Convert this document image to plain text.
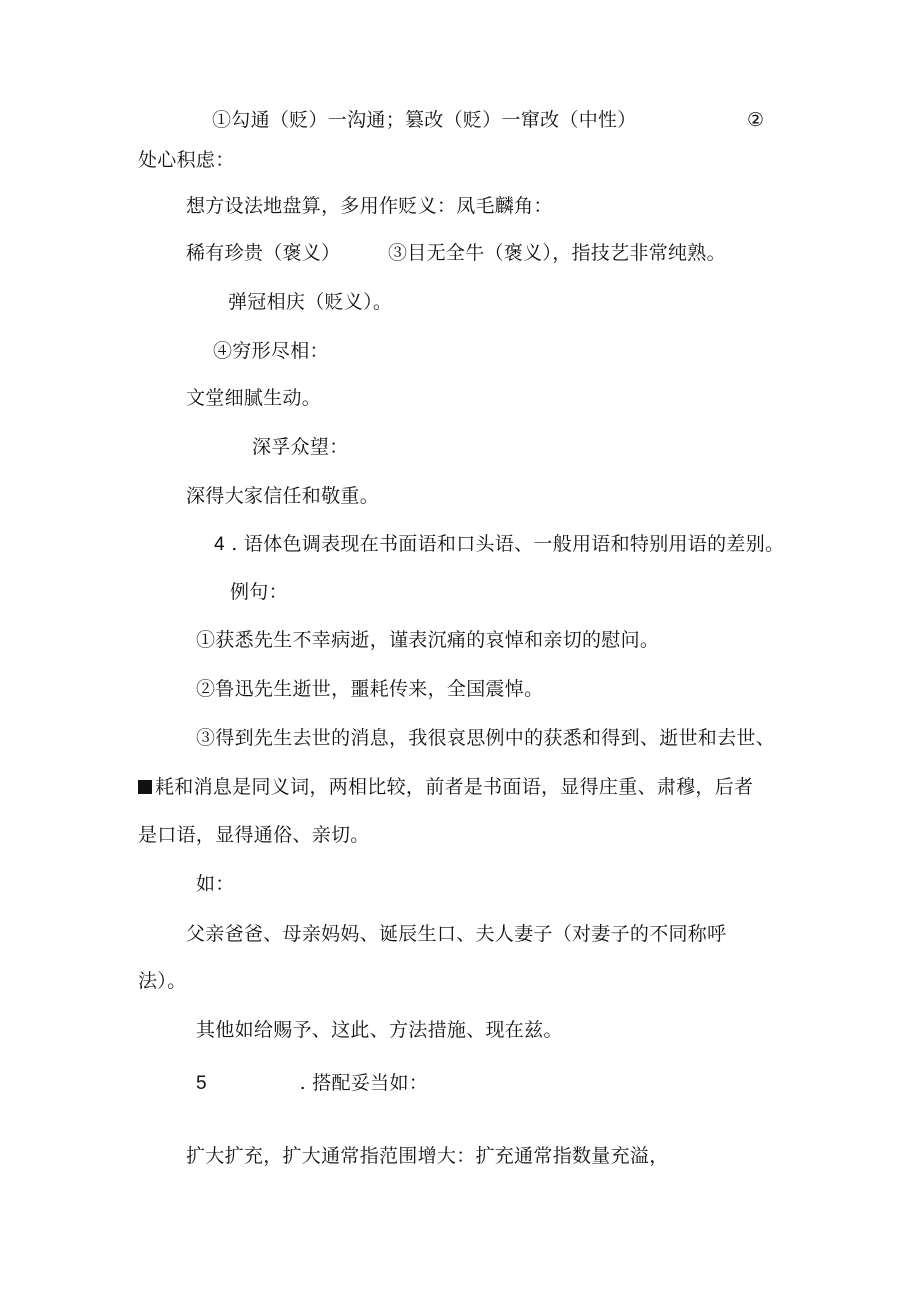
①勾通（贬）一沟通；篡改（贬）一窜改（中性）	②
处心积虑：
想方设法地盘算，多用作贬义：凤毛麟角：
稀有珍贵（褒义）	③目无全牛（褒义），指技艺非常纯熟。
弹冠相庆（贬义）。
④穷形尽相：
文堂细腻生动。
深孚众望：
深得大家信任和敬重。
4 . 语体色调表现在书面语和口头语、一般用语和特别用语的差别。
例句：
①获悉先生不幸病逝，谨表沉痛的哀悼和亲切的慰问。
②鲁迅先生逝世，噩耗传来，全国震悼。
③得到先生去世的消息，我很哀思例中的获悉和得到、逝世和去世、
耗和消息是同义词，两相比较，前者是书面语，显得庄重、肃穆，后者
是口语，显得通俗、亲切。
如：
父亲爸爸、母亲妈妈、诞辰生口、夫人妻子（对妻子的不同称呼
法）。
其他如给赐予、这此、方法措施、现在兹。
5	. 搭配妥当如：
扩大扩充，扩大通常指范围增大：扩充通常指数量充溢，
